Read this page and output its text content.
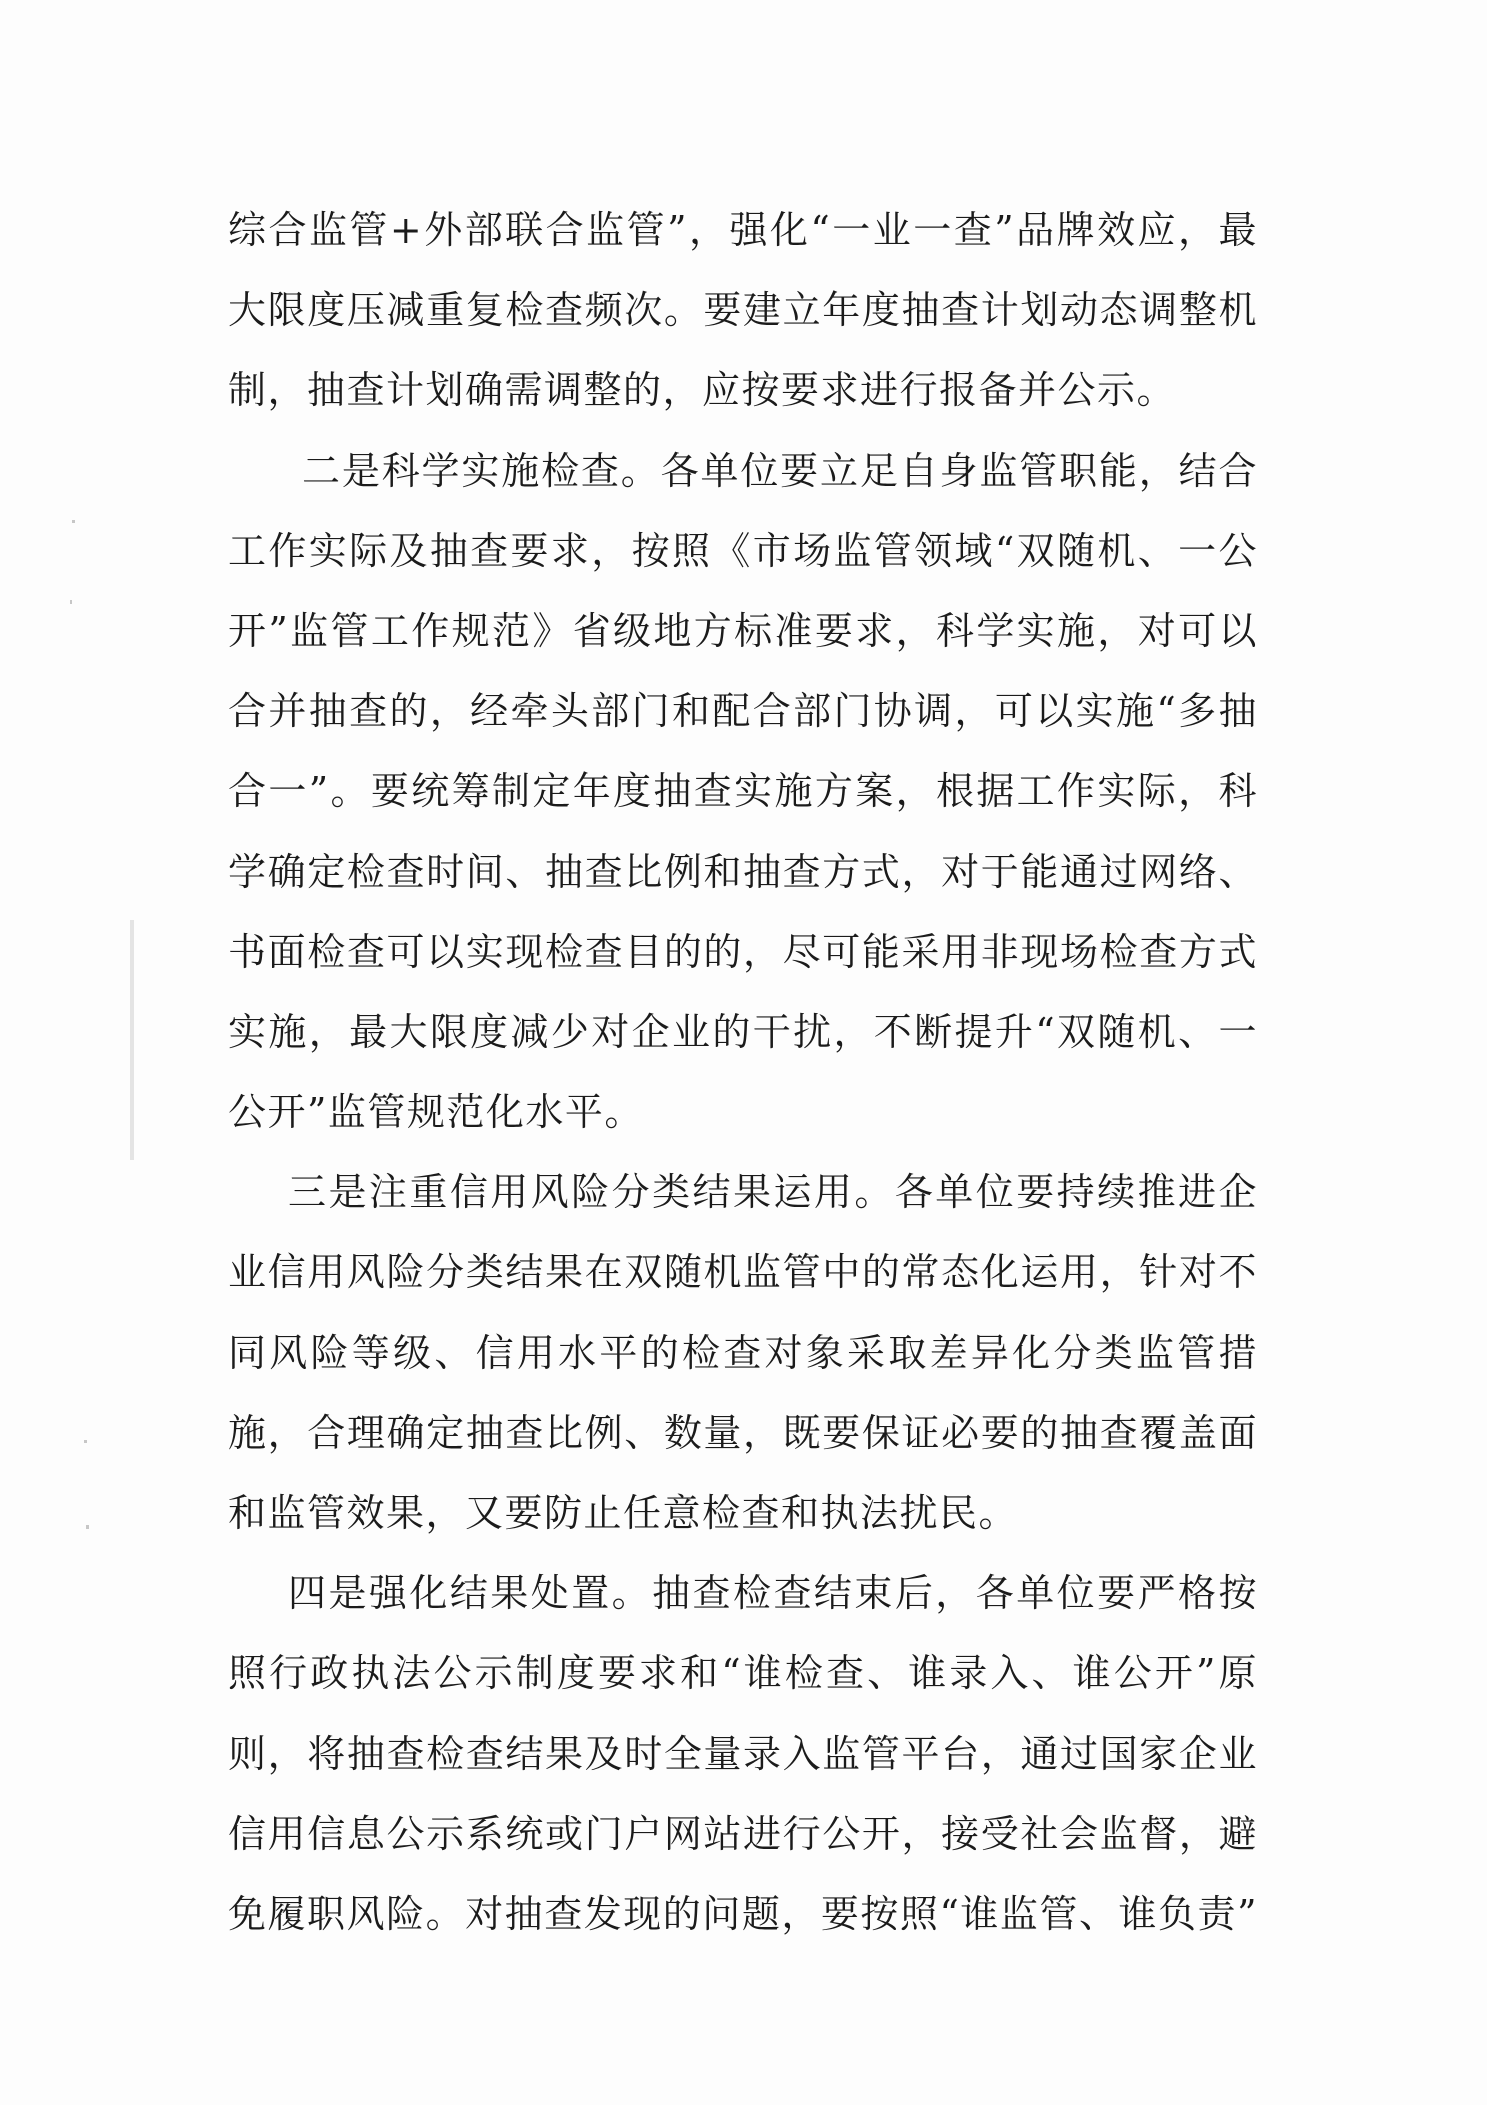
综合监管+外部联合监管”，强化“一业一查”品牌效应，最
大限度压减重复检查频次。要建立年度抽查计划动态调整机
制，抽查计划确需调整的，应按要求进行报备并公示。
二是科学实施检查。各单位要立足自身监管职能，结合
工作实际及抽查要求，按照《市场监管领域“双随机、一公
开”监管工作规范》省级地方标准要求，科学实施，对可以
合并抽查的，经牵头部门和配合部门协调，可以实施“多抽
合一”。要统筹制定年度抽查实施方案，根据工作实际，科
学确定检查时间、抽查比例和抽查方式，对于能通过网络、
书面检查可以实现检查目的的，尽可能采用非现场检查方式
实施，最大限度减少对企业的干扰，不断提升“双随机、一
公开”监管规范化水平。
三是注重信用风险分类结果运用。各单位要持续推进企
业信用风险分类结果在双随机监管中的常态化运用，针对不
同风险等级、信用水平的检查对象采取差异化分类监管措
施，合理确定抽查比例、数量，既要保证必要的抽查覆盖面
和监管效果，又要防止任意检查和执法扰民。
四是强化结果处置。抽查检查结束后，各单位要严格按
照行政执法公示制度要求和“谁检查、谁录入、谁公开”原
则，将抽查检查结果及时全量录入监管平台，通过国家企业
信用信息公示系统或门户网站进行公开，接受社会监督，避
免履职风险。对抽查发现的问题，要按照“谁监管、谁负责”
